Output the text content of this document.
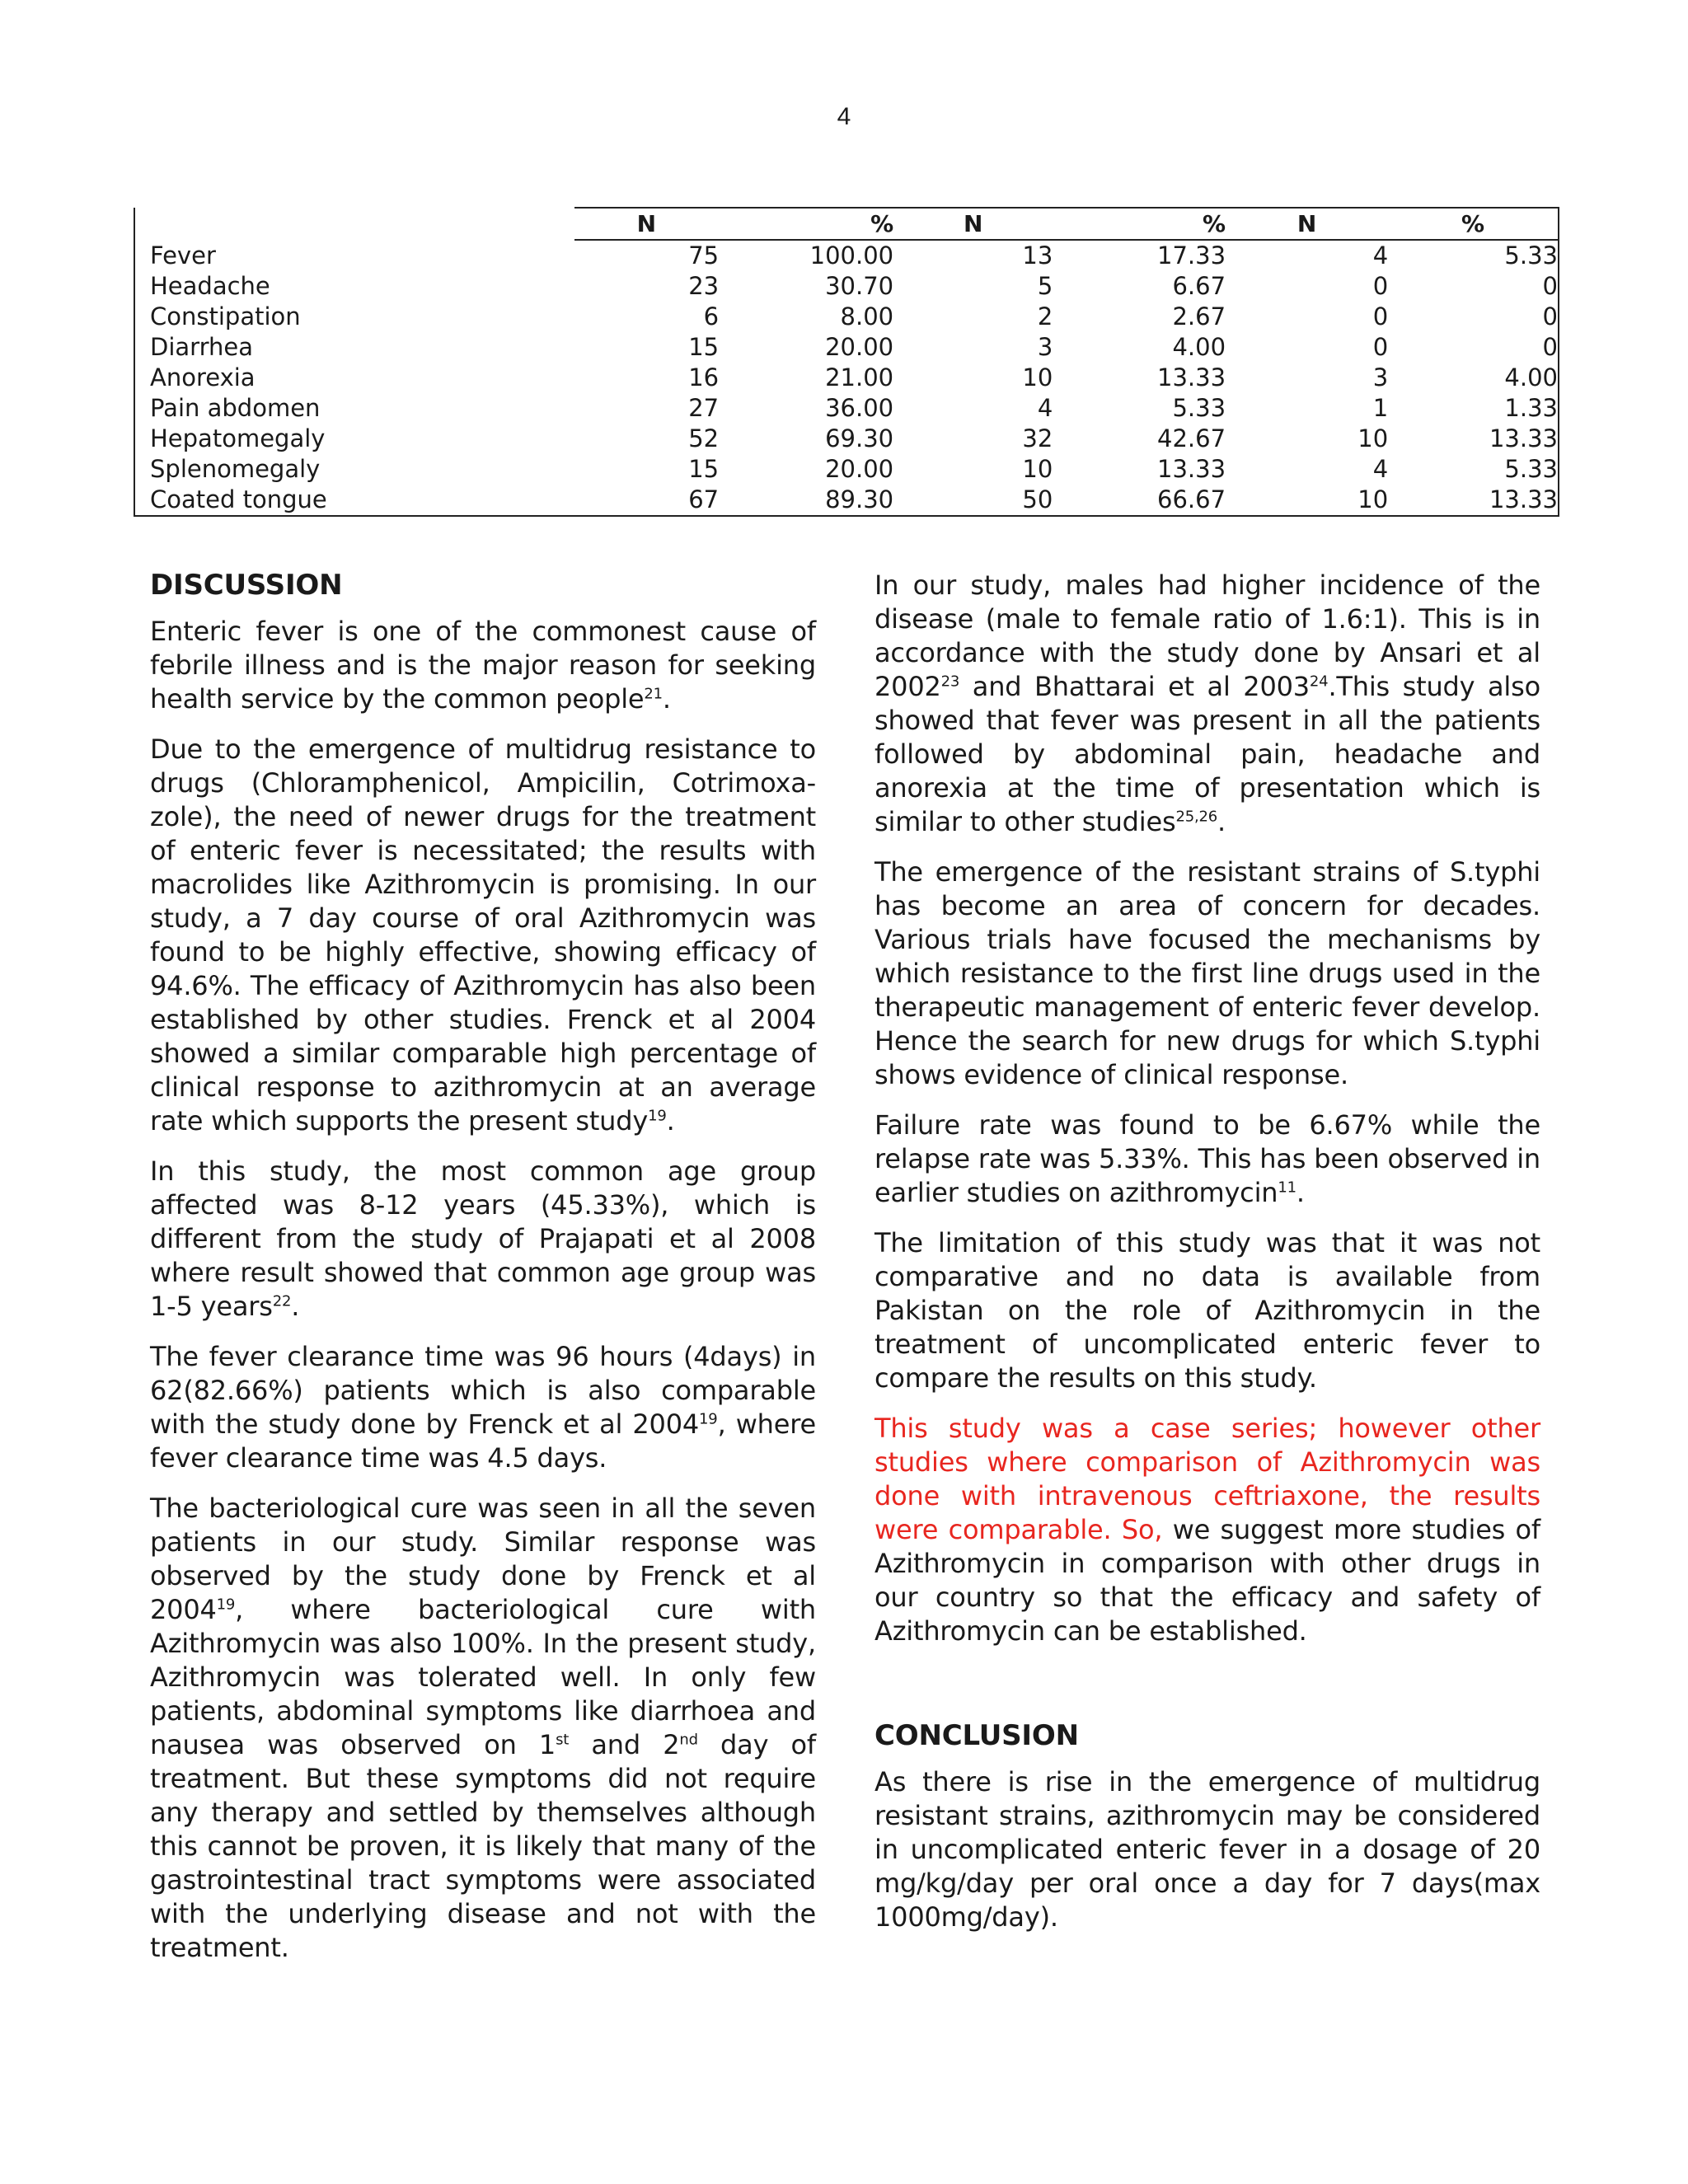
4
	N	%	N	%	N	%
Fever	75	100.00	13	17.33	4	5.33
Headache	23	30.70	5	6.67	0	0
Constipation	6	8.00	2	2.67	0	0
Diarrhea	15	20.00	3	4.00	0	0
Anorexia	16	21.00	10	13.33	3	4.00
Pain abdomen	27	36.00	4	5.33	1	1.33
Hepatomegaly	52	69.30	32	42.67	10	13.33
Splenomegaly	15	20.00	10	13.33	4	5.33
Coated tongue	67	89.30	50	66.67	10	13.33
DISCUSSION

Enteric fever is one of the commonest cause of febrile illness and is the major reason for seeking health service by the common people$^{21}$.

Due to the emergence of multidrug resistance to drugs (Chloramphenicol, Ampicilin, Cotrimoxa-zole), the need of newer drugs for the treatment of enteric fever is necessitated; the results with macrolides like Azithromycin is promising. In our study, a 7 day course of oral Azithromycin was found to be highly effective, showing efficacy of 94.6%. The efficacy of Azithromycin has also been established by other studies. Frenck et al 2004 showed a similar comparable high percentage of clinical response to azithromycin at an average rate which supports the present study$^{19}$.

In this study, the most common age group affected was 8-12 years (45.33%), which is different from the study of Prajapati et al 2008 where result showed that common age group was 1-5 years$^{22}$.

The fever clearance time was 96 hours (4days) in 62(82.66%) patients which is also comparable with the study done by Frenck et al 2004$^{19}$, where fever clearance time was 4.5 days.

The bacteriological cure was seen in all the seven patients in our study. Similar response was observed by the study done by Frenck et al 2004$^{19}$, where bacteriological cure with Azithromycin was also 100%. In the present study, Azithromycin was tolerated well. In only few patients, abdominal symptoms like diarrhoea and nausea was observed on 1st and 2nd day of treatment. But these symptoms did not require any therapy and settled by themselves although this cannot be proven, it is likely that many of the gastrointestinal tract symptoms were associated with the underlying disease and not with the treatment.

In our study, males had higher incidence of the disease (male to female ratio of 1.6:1). This is in accordance with the study done by Ansari et al 2002$^{23}$ and Bhattarai et al 2003$^{24}$.This study also showed that fever was present in all the patients followed by abdominal pain, headache and anorexia at the time of presentation which is similar to other studies$^{25,26}$.

The emergence of the resistant strains of S.typhi has become an area of concern for decades. Various trials have focused the mechanisms by which resistance to the first line drugs used in the therapeutic management of enteric fever develop. Hence the search for new drugs for which S.typhi shows evidence of clinical response.

Failure rate was found to be 6.67% while the relapse rate was 5.33%. This has been observed in earlier studies on azithromycin$^{11}$.

The limitation of this study was that it was not comparative and no data is available from Pakistan on the role of Azithromycin in the treatment of uncomplicated enteric fever to compare the results on this study.

This study was a case series; however other studies where comparison of Azithromycin was done with intravenous ceftriaxone, the results were comparable. So, we suggest more studies of Azithromycin in comparison with other drugs in our country so that the efficacy and safety of Azithromycin can be established.

CONCLUSION

As there is rise in the emergence of multidrug resistant strains, azithromycin may be considered in uncomplicated enteric fever in a dosage of 20 mg/kg/day per oral once a day for 7 days(max 1000mg/day).
